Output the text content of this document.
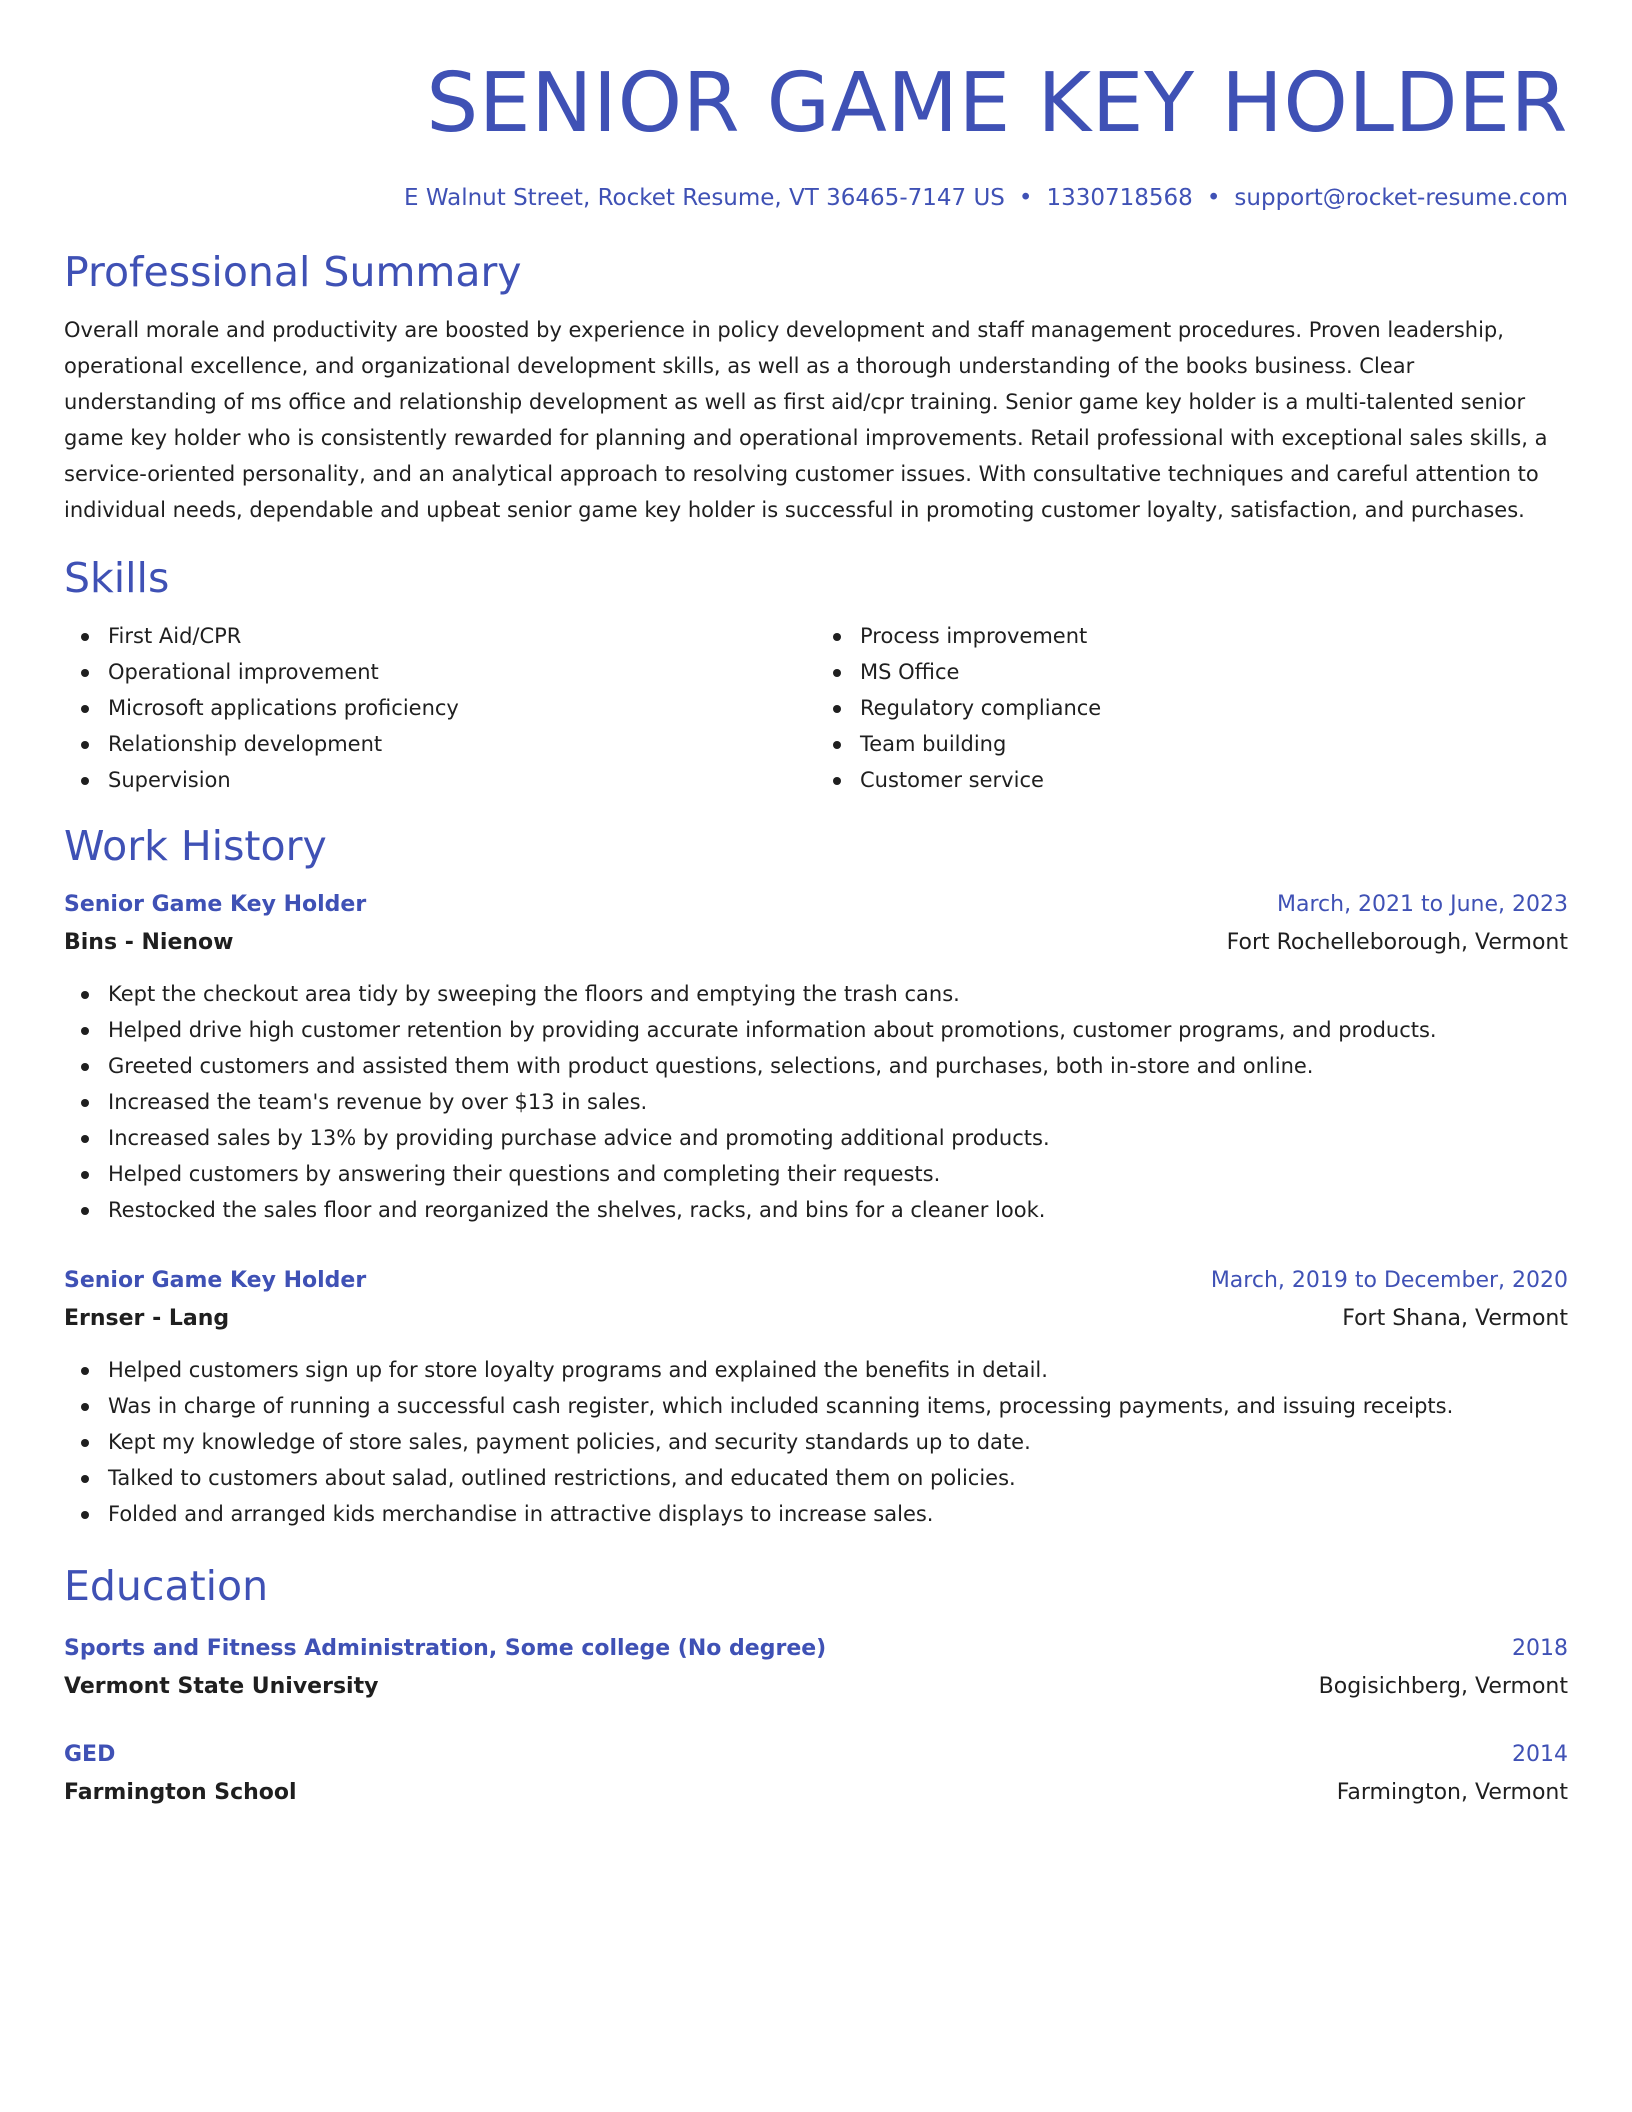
SENIOR GAME KEY HOLDER
E Walnut Street, Rocket Resume, VT 36465-7147 US • 1330718568 • support@rocket-resume.com
Professional Summary
Overall morale and productivity are boosted by experience in policy development and staff management procedures. Proven leadership, operational excellence, and organizational development skills, as well as a thorough understanding of the books business. Clear understanding of ms office and relationship development as well as first aid/cpr training. Senior game key holder is a multi-talented senior game key holder who is consistently rewarded for planning and operational improvements. Retail professional with exceptional sales skills, a service-oriented personality, and an analytical approach to resolving customer issues. With consultative techniques and careful attention to individual needs, dependable and upbeat senior game key holder is successful in promoting customer loyalty, satisfaction, and purchases.
Skills
First Aid/CPR
Operational improvement
Microsoft applications proficiency
Relationship development
Supervision
Process improvement
MS Office
Regulatory compliance
Team building
Customer service
Work History
Senior Game Key Holder	March, 2021 to June, 2023
Bins - Nienow	Fort Rochelleborough, Vermont
Kept the checkout area tidy by sweeping the floors and emptying the trash cans.
Helped drive high customer retention by providing accurate information about promotions, customer programs, and products.
Greeted customers and assisted them with product questions, selections, and purchases, both in-store and online.
Increased the team's revenue by over $13 in sales.
Increased sales by 13% by providing purchase advice and promoting additional products.
Helped customers by answering their questions and completing their requests.
Restocked the sales floor and reorganized the shelves, racks, and bins for a cleaner look.
Senior Game Key Holder	March, 2019 to December, 2020
Ernser - Lang	Fort Shana, Vermont
Helped customers sign up for store loyalty programs and explained the benefits in detail.
Was in charge of running a successful cash register, which included scanning items, processing payments, and issuing receipts.
Kept my knowledge of store sales, payment policies, and security standards up to date.
Talked to customers about salad, outlined restrictions, and educated them on policies.
Folded and arranged kids merchandise in attractive displays to increase sales.
Education
Sports and Fitness Administration, Some college (No degree)	2018
Vermont State University	Bogisichberg, Vermont
GED	2014
Farmington School	Farmington, Vermont
